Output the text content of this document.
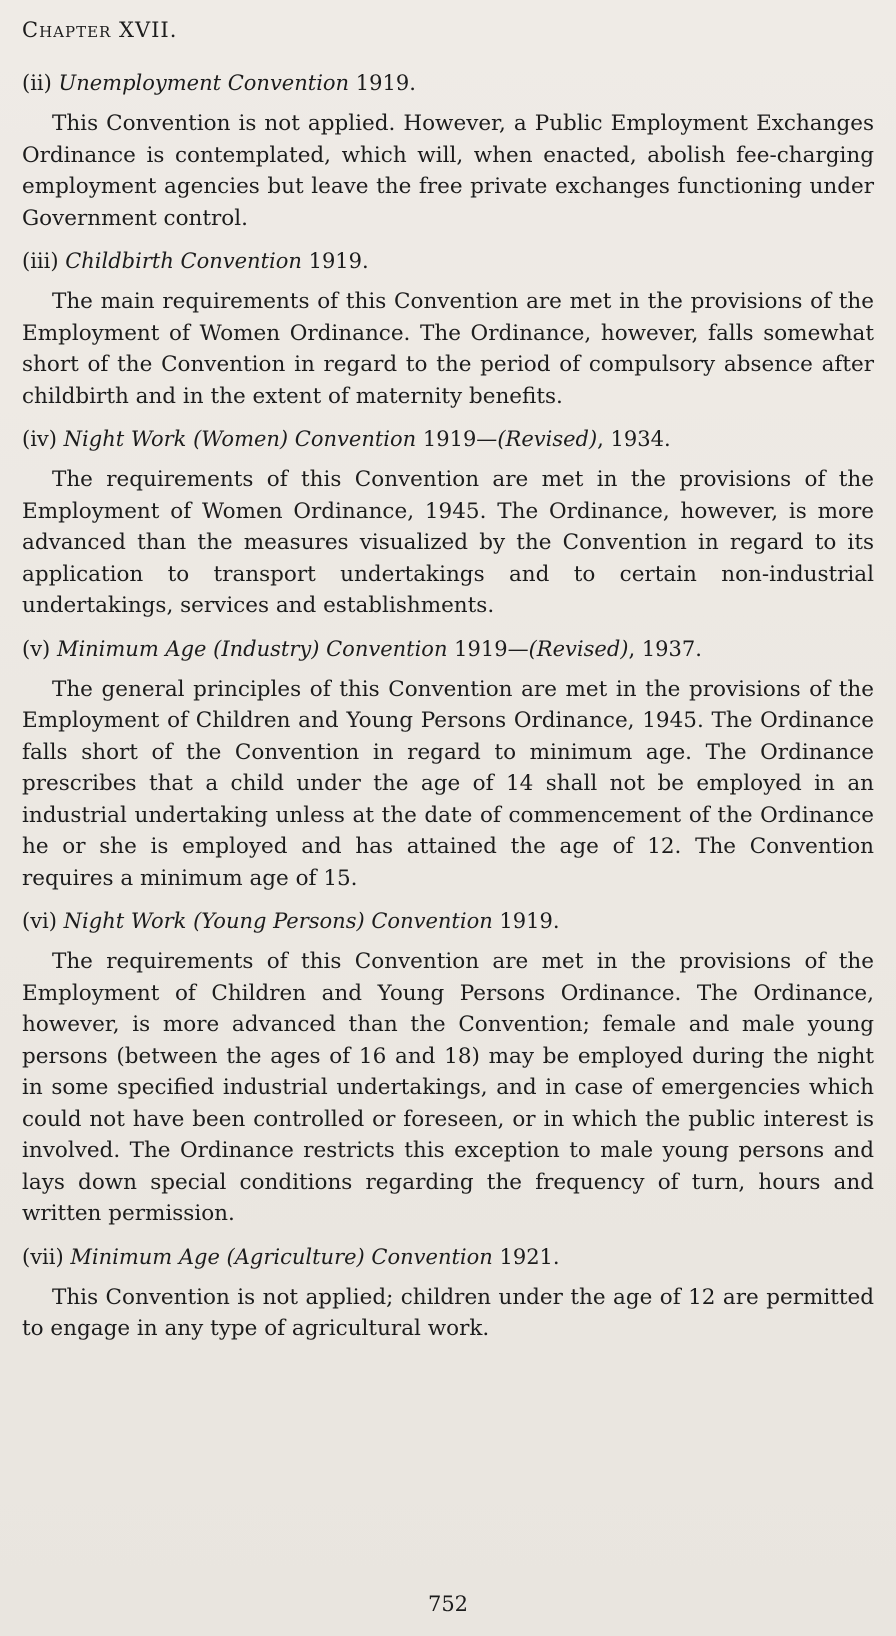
Chapter XVII.

(ii) Unemployment Convention 1919.

This Convention is not applied. However, a Public Employment Exchanges Ordinance is contemplated, which will, when enacted, abolish fee-charging employment agencies but leave the free private exchanges functioning under Government control.

(iii) Childbirth Convention 1919.

The main requirements of this Convention are met in the provisions of the Employment of Women Ordinance. The Ordinance, however, falls somewhat short of the Convention in regard to the period of compulsory absence after childbirth and in the extent of maternity benefits.

(iv) Night Work (Women) Convention 1919—(Revised), 1934.

The requirements of this Convention are met in the provisions of the Employment of Women Ordinance, 1945. The Ordinance, however, is more advanced than the measures visualized by the Convention in regard to its application to transport undertakings and to certain non-industrial undertakings, services and establishments.

(v) Minimum Age (Industry) Convention 1919—(Revised), 1937.

The general principles of this Convention are met in the provisions of the Employment of Children and Young Persons Ordinance, 1945. The Ordinance falls short of the Convention in regard to minimum age. The Ordinance prescribes that a child under the age of 14 shall not be employed in an industrial undertaking unless at the date of commencement of the Ordinance he or she is employed and has attained the age of 12. The Convention requires a minimum age of 15.

(vi) Night Work (Young Persons) Convention 1919.

The requirements of this Convention are met in the provisions of the Employment of Children and Young Persons Ordinance. The Ordinance, however, is more advanced than the Convention; female and male young persons (between the ages of 16 and 18) may be employed during the night in some specified industrial undertakings, and in case of emergencies which could not have been controlled or foreseen, or in which the public interest is involved. The Ordinance restricts this exception to male young persons and lays down special conditions regarding the frequency of turn, hours and written permission.

(vii) Minimum Age (Agriculture) Convention 1921.

This Convention is not applied; children under the age of 12 are permitted to engage in any type of agricultural work.

752
